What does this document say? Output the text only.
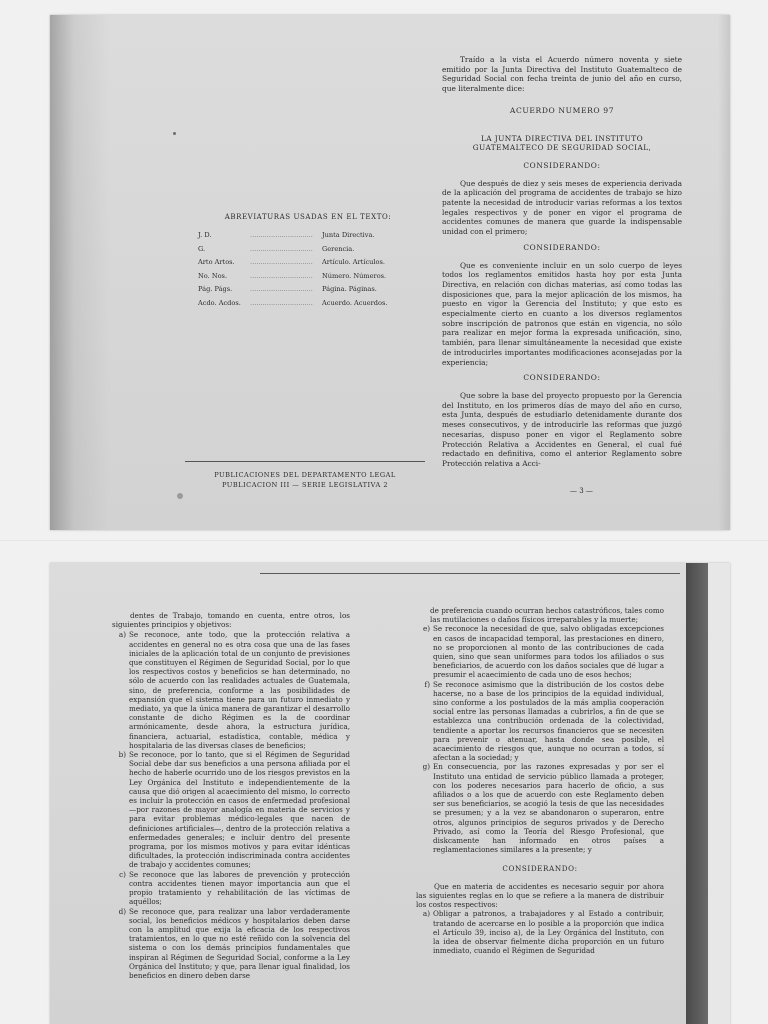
ABREVIATURAS USADAS EN EL TEXTO:
J. D.	..............................	Junta Directiva.
G.	..............................	Gerencia.
Arto Artos.	..............................	Artículo. Artículos.
No. Nos.	..............................	Número. Números.
Pág. Págs.	..............................	Página. Páginas.
Acdo. Acdos.	..............................	Acuerdo. Acuerdos.
PUBLICACIONES DEL DEPARTAMENTO LEGAL
PUBLICACION III — SERIE LEGISLATIVA 2

Traído a la vista el Acuerdo número noventa y siete emitido por la Junta Directiva del Instituto Guatemalteco de Seguridad Social con fecha treinta de junio del año en curso, que literalmente dice:

ACUERDO NUMERO 97
LA JUNTA DIRECTIVA DEL INSTITUTO
GUATEMALTECO DE SEGURIDAD SOCIAL,
CONSIDERANDO:

Que después de diez y seis meses de experiencia derivada de la aplicación del programa de accidentes de trabajo se hizo patente la necesidad de introducir varias reformas a los textos legales respectivos y de poner en vigor el programa de accidentes comunes de manera que guarde la indispensable unidad con el primero;

CONSIDERANDO:

Que es conveniente incluir en un solo cuerpo de leyes todos los reglamentos emitidos hasta hoy por esta Junta Directiva, en relación con dichas materias, así como todas las disposiciones que, para la mejor aplicación de los mismos, ha puesto en vigor la Gerencia del Instituto; y que esto es especialmente cierto en cuanto a los diversos reglamentos sobre inscripción de patronos que están en vigencia, no sólo para realizar en mejor forma la expresada unificación, sino, también, para llenar simultáneamente la necesidad que existe de introducirles importantes modificaciones aconsejadas por la experiencia;

CONSIDERANDO:

Que sobre la base del proyecto propuesto por la Gerencia del Instituto, en los primeros días de mayo del año en curso, esta Junta, después de estudiarlo detenidamente durante dos meses consecutivos, y de introducirle las reformas que juzgó necesarias, dispuso poner en vigor el Reglamento sobre Protección Relativa a Accidentes en General, el cual fué redactado en definitiva, como el anterior Reglamento sobre Protección relativa a Acci-

— 3 —

dentes de Trabajo, tomando en cuenta, entre otros, los siguientes principios y objetivos:

a) Se reconoce, ante todo, que la protección relativa a accidentes en general no es otra cosa que una de las fases iniciales de la aplicación total de un conjunto de previsiones que constituyen el Régimen de Seguridad Social, por lo que los respectivos costos y beneficios se han determinado, no sólo de acuerdo con las realidades actuales de Guatemala, sino, de preferencia, conforme a las posibilidades de expansión que el sistema tiene para un futuro inmediato y mediato, ya que la única manera de garantizar el desarrollo constante de dicho Régimen es la de coordinar armónicamente, desde ahora, la estructura jurídica, financiera, actuarial, estadística, contable, médica y hospitalaria de las diversas clases de beneficios;
b) Se reconoce, por lo tanto, que si el Régimen de Seguridad Social debe dar sus beneficios a una persona afiliada por el hecho de haberle ocurrido uno de los riesgos previstos en la Ley Orgánica del Instituto e independientemente de la causa que dió origen al acaecimiento del mismo, lo correcto es incluir la protección en casos de enfermedad profesional —por razones de mayor analogía en materia de servicios y para evitar problemas médico-legales que nacen de definiciones artificiales—, dentro de la protección relativa a enfermedades generales; e incluir dentro del presente programa, por los mismos motivos y para evitar idénticas dificultades, la protección indiscriminada contra accidentes de trabajo y accidentes comunes;
c) Se reconoce que las labores de prevención y protección contra accidentes tienen mayor importancia aun que el propio tratamiento y rehabilitación de las víctimas de aquéllos;
d) Se reconoce que, para realizar una labor verdaderamente social, los beneficios médicos y hospitalarios deben darse con la amplitud que exija la eficacia de los respectivos tratamientos, en lo que no esté reñido con la solvencia del sistema o con los demás principios fundamentales que inspiran al Régimen de Seguridad Social, conforme a la Ley Orgánica del Instituto; y que, para llenar igual finalidad, los beneficios en dinero deben darse
de preferencia cuando ocurran hechos catastróficos, tales como las mutilaciones o daños físicos irreparables y la muerte;
e) Se reconoce la necesidad de que, salvo obligadas excepciones en casos de incapacidad temporal, las prestaciones en dinero, no se proporcionen al monto de las contribuciones de cada quien, sino que sean uniformes para todos los afiliados o sus beneficiarios, de acuerdo con los daños sociales que dé lugar a presumir el acaecimiento de cada uno de esos hechos;
f) Se reconoce asimismo que la distribución de los costos debe hacerse, no a base de los principios de la equidad individual, sino conforme a los postulados de la más amplia cooperación social entre las personas llamadas a cubrirlos, a fin de que se establezca una contribución ordenada de la colectividad, tendiente a aportar los recursos financieros que se necesiten para prevenir o atenuar, hasta donde sea posible, el acaecimiento de riesgos que, aunque no ocurran a todos, sí afectan a la sociedad; y
g) En consecuencia, por las razones expresadas y por ser el Instituto una entidad de servicio público llamada a proteger, con los poderes necesarios para hacerlo de oficio, a sus afiliados o a los que de acuerdo con este Reglamento deben ser sus beneficiarios, se acogió la tesis de que las necesidades se presumen; y a la vez se abandonaron o superaron, entre otros, algunos principios de seguros privados y de Derecho Privado, así como la Teoría del Riesgo Profesional, que diskcamente han informado en otros países a reglamentaciones similares a la presente; y
CONSIDERANDO:

Que en materia de accidentes es necesario seguir por ahora las siguientes reglas en lo que se refiere a la manera de distribuir los costos respectivos:

a) Obligar a patronos, a trabajadores y al Estado a contribuir, tratando de acercarse en lo posible a la proporción que indica el Artículo 39, inciso a), de la Ley Orgánica del Instituto, con la idea de observar fielmente dicha proporción en un futuro inmediato, cuando el Régimen de Seguridad
